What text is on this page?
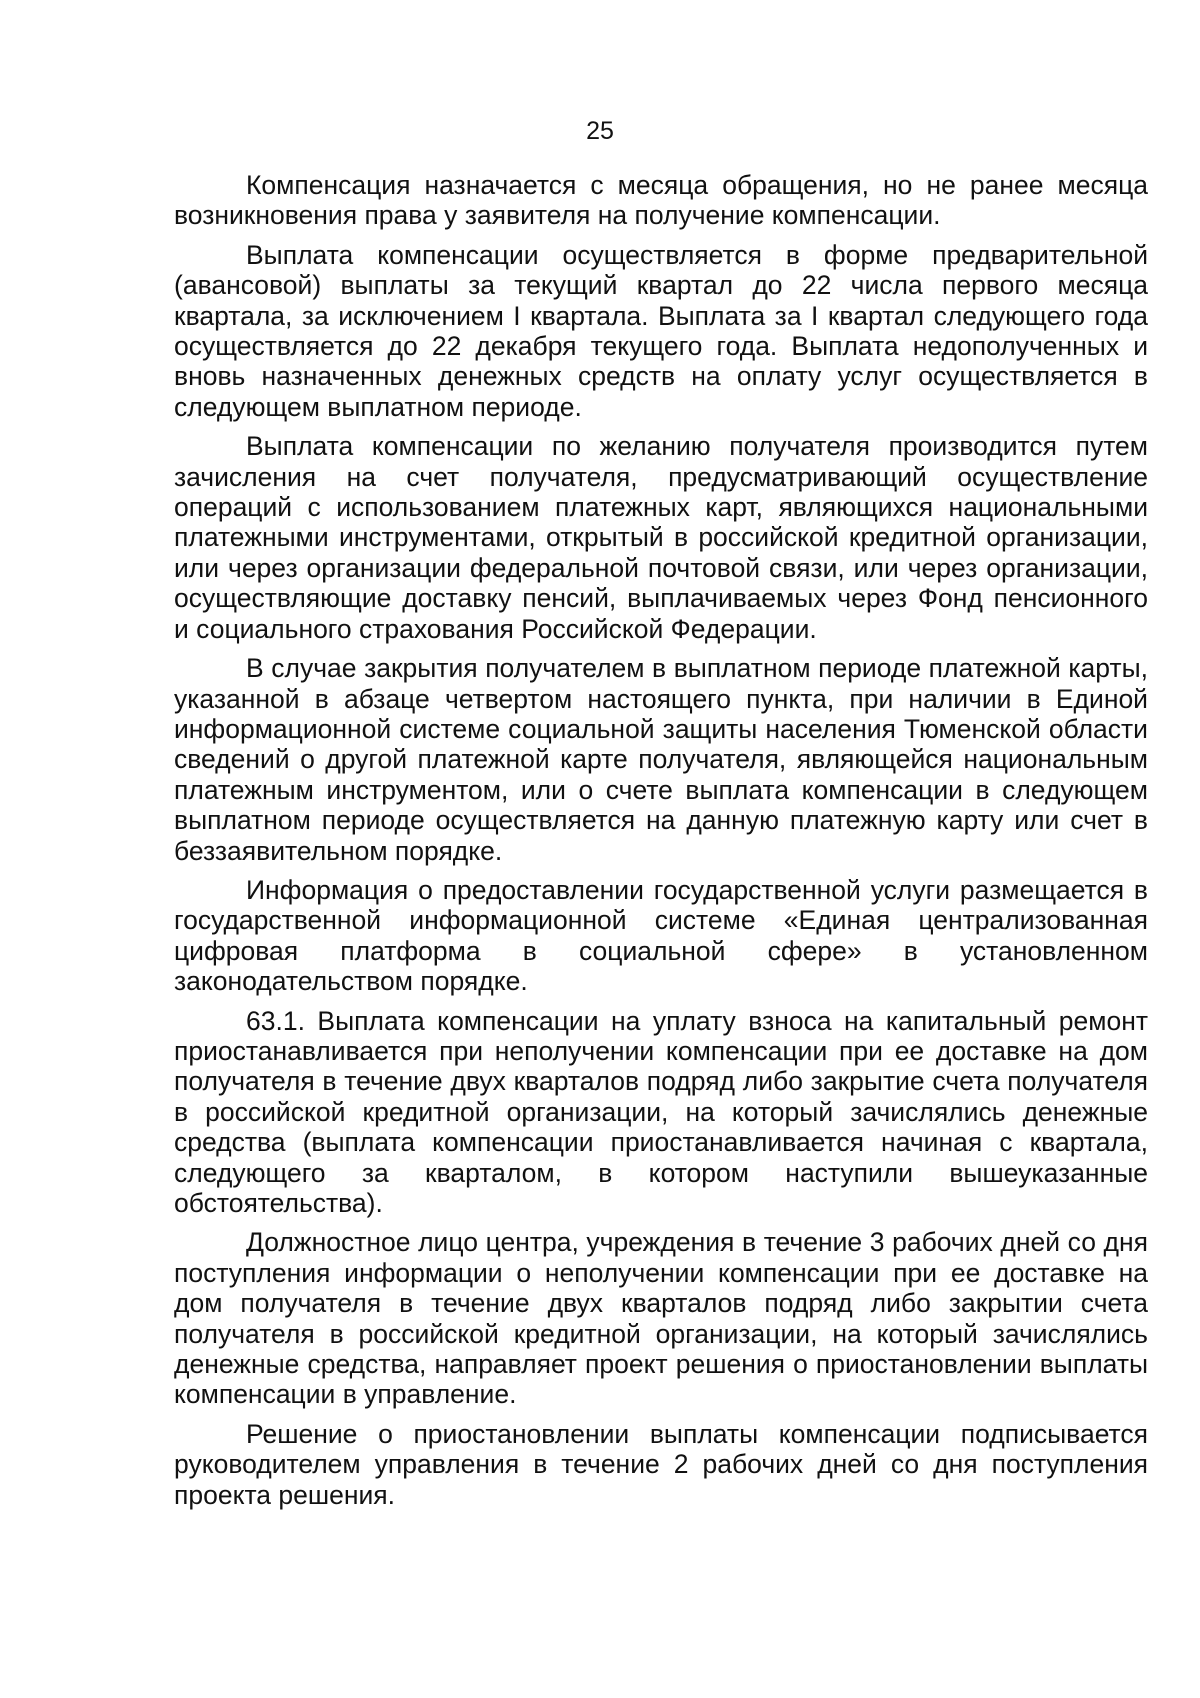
25

Компенсация назначается с месяца обращения, но не ранее месяца возникновения права у заявителя на получение компенсации.

Выплата компенсации осуществляется в форме предварительной (авансовой) выплаты за текущий квартал до 22 числа первого месяца квартала, за исключением I квартала. Выплата за I квартал следующего года осуществляется до 22 декабря текущего года. Выплата недополученных и вновь назначенных денежных средств на оплату услуг осуществляется в следующем выплатном периоде.

Выплата компенсации по желанию получателя производится путем зачисления на счет получателя, предусматривающий осуществление операций с использованием платежных карт, являющихся национальными платежными инструментами, открытый в российской кредитной организации, или через организации федеральной почтовой связи, или через организации, осуществляющие доставку пенсий, выплачиваемых через Фонд пенсионного и социального страхования Российской Федерации.

В случае закрытия получателем в выплатном периоде платежной карты, указанной в абзаце четвертом настоящего пункта, при наличии в Единой информационной системе социальной защиты населения Тюменской области сведений о другой платежной карте получателя, являющейся национальным платежным инструментом, или о счете выплата компенсации в следующем выплатном периоде осуществляется на данную платежную карту или счет в беззаявительном порядке.

Информация о предоставлении государственной услуги размещается в государственной информационной системе «Единая централизованная цифровая платформа в социальной сфере» в установленном законодательством порядке.

63.1. Выплата компенсации на уплату взноса на капитальный ремонт приостанавливается при неполучении компенсации при ее доставке на дом получателя в течение двух кварталов подряд либо закрытие счета получателя в российской кредитной организации, на который зачислялись денежные средства (выплата компенсации приостанавливается начиная с квартала, следующего за кварталом, в котором наступили вышеуказанные обстоятельства).

Должностное лицо центра, учреждения в течение 3 рабочих дней со дня поступления информации о неполучении компенсации при ее доставке на дом получателя в течение двух кварталов подряд либо закрытии счета получателя в российской кредитной организации, на который зачислялись денежные средства, направляет проект решения о приостановлении выплаты компенсации в управление.

Решение о приостановлении выплаты компенсации подписывается руководителем управления в течение 2 рабочих дней со дня поступления проекта решения.
